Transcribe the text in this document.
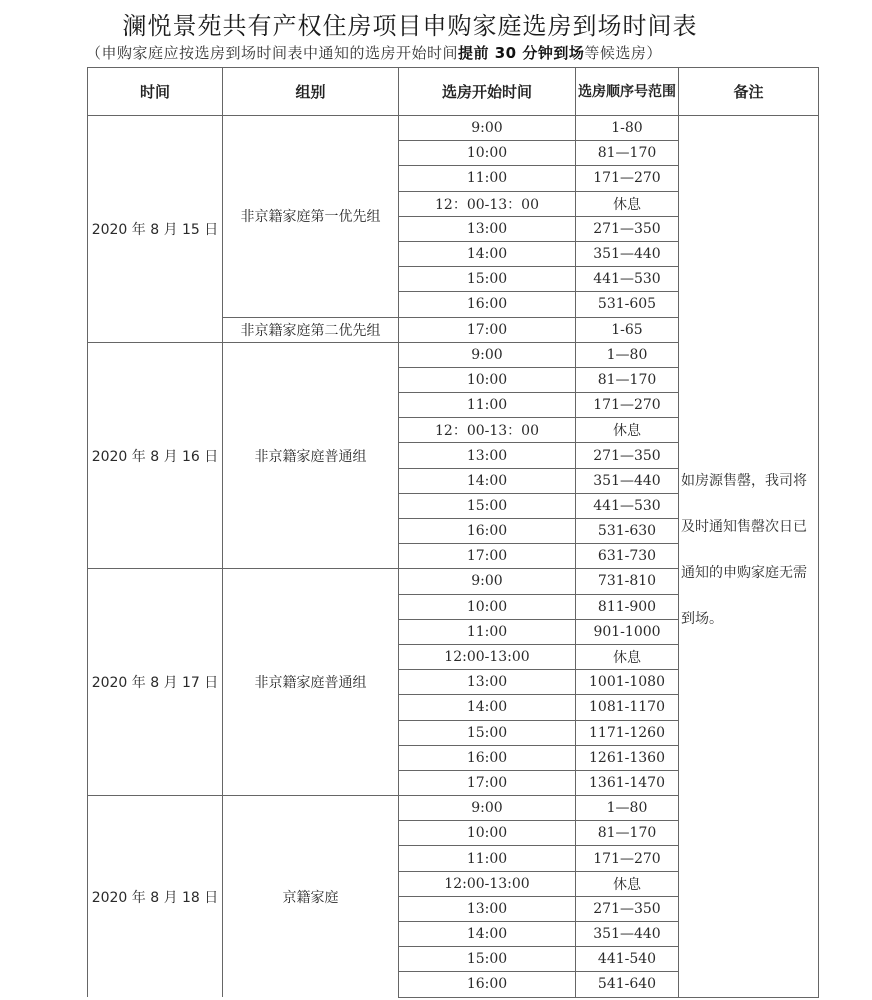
澜悦景苑共有产权住房项目申购家庭选房到场时间表
（申购家庭应按选房到场时间表中通知的选房开始时间提前 30 分钟到场等候选房）
时间	组别	选房开始时间	选房顺序号范围	备注
2020 年 8 月 15 日	非京籍家庭第一优先组	9:00	1-80	如房源售罄，我司将及时通知售罄次日已通知的申购家庭无需到场。
		10:00	81—170	
		11:00	171—270	
		12：00-13：00	休息	
		13:00	271—350	
		14:00	351—440	
		15:00	441—530	
		16:00	531-605	
	非京籍家庭第二优先组	17:00	1-65	
2020 年 8 月 16 日	非京籍家庭普通组	9:00	1—80	
		10:00	81—170	
		11:00	171—270	
		12：00-13：00	休息	
		13:00	271—350	
		14:00	351—440	
		15:00	441—530	
		16:00	531-630	
		17:00	631-730	
2020 年 8 月 17 日	非京籍家庭普通组	9:00	731-810	
		10:00	811-900	
		11:00	901-1000	
		12:00-13:00	休息	
		13:00	1001-1080	
		14:00	1081-1170	
		15:00	1171-1260	
		16:00	1261-1360	
		17:00	1361-1470	
2020 年 8 月 18 日	京籍家庭	9:00	1—80	
		10:00	81—170	
		11:00	171—270	
		12:00-13:00	休息	
		13:00	271—350	
		14:00	351—440	
		15:00	441-540	
		16:00	541-640	
